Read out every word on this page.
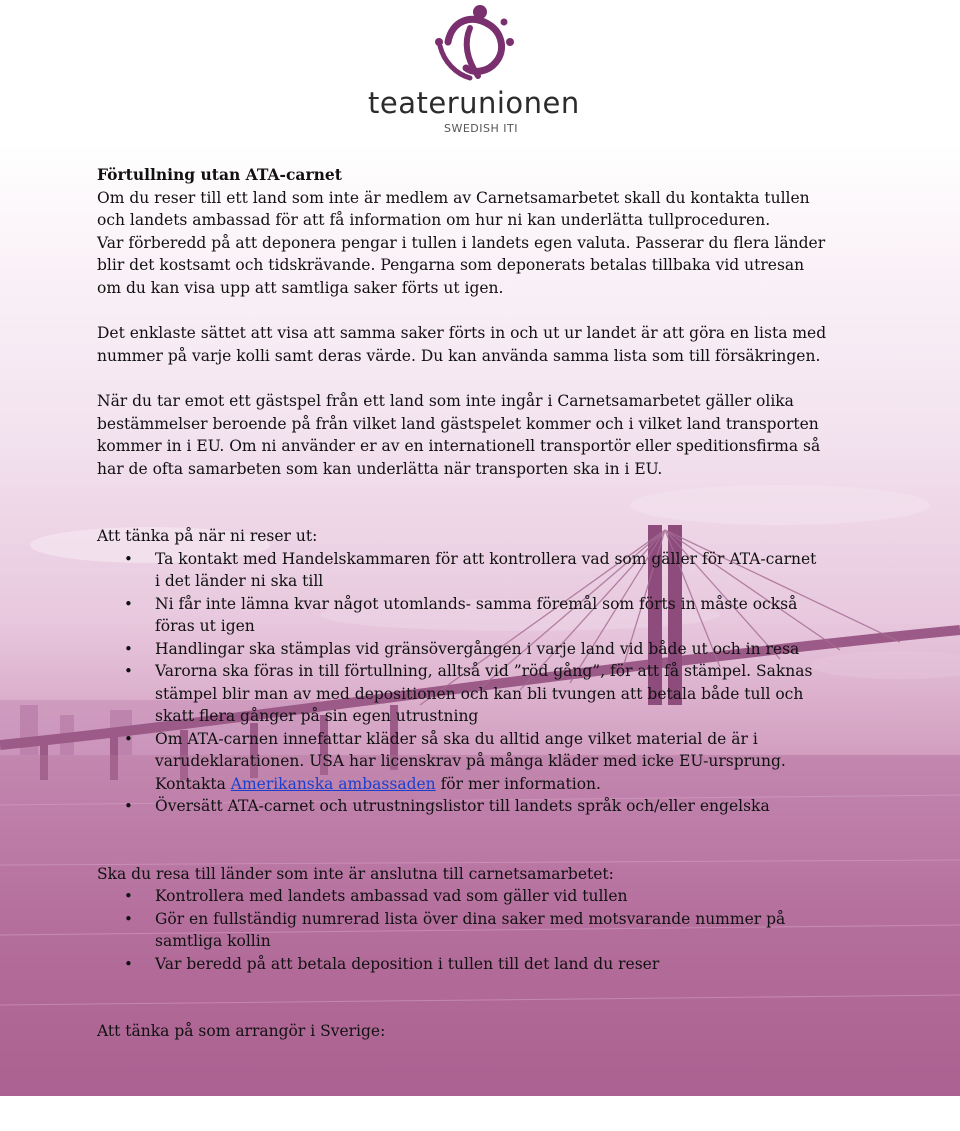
teaterunionen
SWEDISH ITI

Förtullning utan ATA-carnet

Om du reser till ett land som inte är medlem av Carnetsamarbetet skall du kontakta tullen
och landets ambassad för att få information om hur ni kan underlätta tullproceduren.
Var förberedd på att deponera pengar i tullen i landets egen valuta. Passerar du flera länder
blir det kostsamt och tidskrävande. Pengarna som deponerats betalas tillbaka vid utresan
om du kan visa upp att samtliga saker förts ut igen.

Det enklaste sättet att visa att samma saker förts in och ut ur landet är att göra en lista med
nummer på varje kolli samt deras värde. Du kan använda samma lista som till försäkringen.

När du tar emot ett gästspel från ett land som inte ingår i Carnetsamarbetet gäller olika
bestämmelser beroende på från vilket land gästspelet kommer och i vilket land transporten
kommer in i EU. Om ni använder er av en internationell transportör eller speditionsfirma så
har de ofta samarbeten som kan underlätta när transporten ska in i EU.

Att tänka på när ni reser ut:

• Ta kontakt med Handelskammaren för att kontrollera vad som gäller för ATA-carnet
i det länder ni ska till
• Ni får inte lämna kvar något utomlands- samma föremål som förts in måste också
föras ut igen
• Handlingar ska stämplas vid gränsövergången i varje land vid både ut och in resa
• Varorna ska föras in till förtullning, alltså vid ”röd gång”, för att få stämpel. Saknas
stämpel blir man av med depositionen och kan bli tvungen att betala både tull och
skatt flera gånger på sin egen utrustning
• Om ATA-carnen innefattar kläder så ska du alltid ange vilket material de är i
varudeklarationen. USA har licenskrav på många kläder med icke EU-ursprung.
Kontakta Amerikanska ambassaden för mer information.
• Översätt ATA-carnet och utrustningslistor till landets språk och/eller engelska

Ska du resa till länder som inte är anslutna till carnetsamarbetet:

• Kontrollera med landets ambassad vad som gäller vid tullen
• Gör en fullständig numrerad lista över dina saker med motsvarande nummer på
samtliga kollin
• Var beredd på att betala deposition i tullen till det land du reser

Att tänka på som arrangör i Sverige:
